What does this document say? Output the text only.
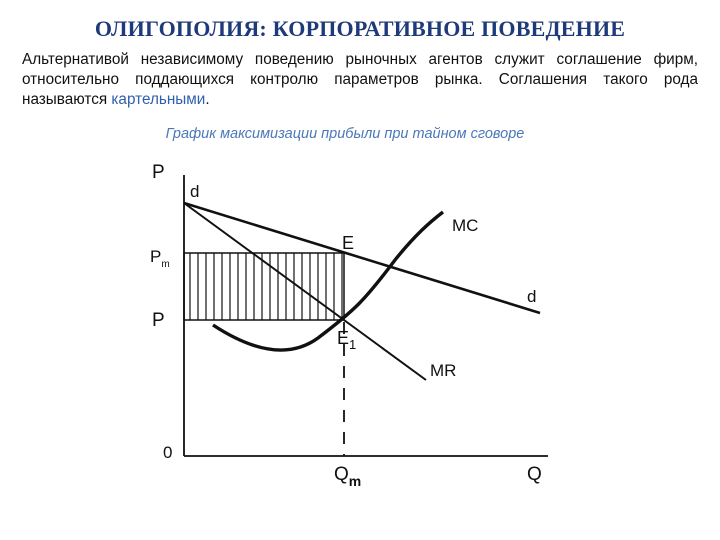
ОЛИГОПОЛИЯ: КОРПОРАТИВНОЕ ПОВЕДЕНИЕ
Альтернативой независимому поведению рыночных агентов служит соглашение фирм, относительно поддающихся контролю параметров рынка. Соглашения такого рода называются картельными.
График максимизации прибыли при тайном сговоре
P
Q
0
d
d
MC
MR
E
$E_1$
$P_m$
P
$Q_m$
